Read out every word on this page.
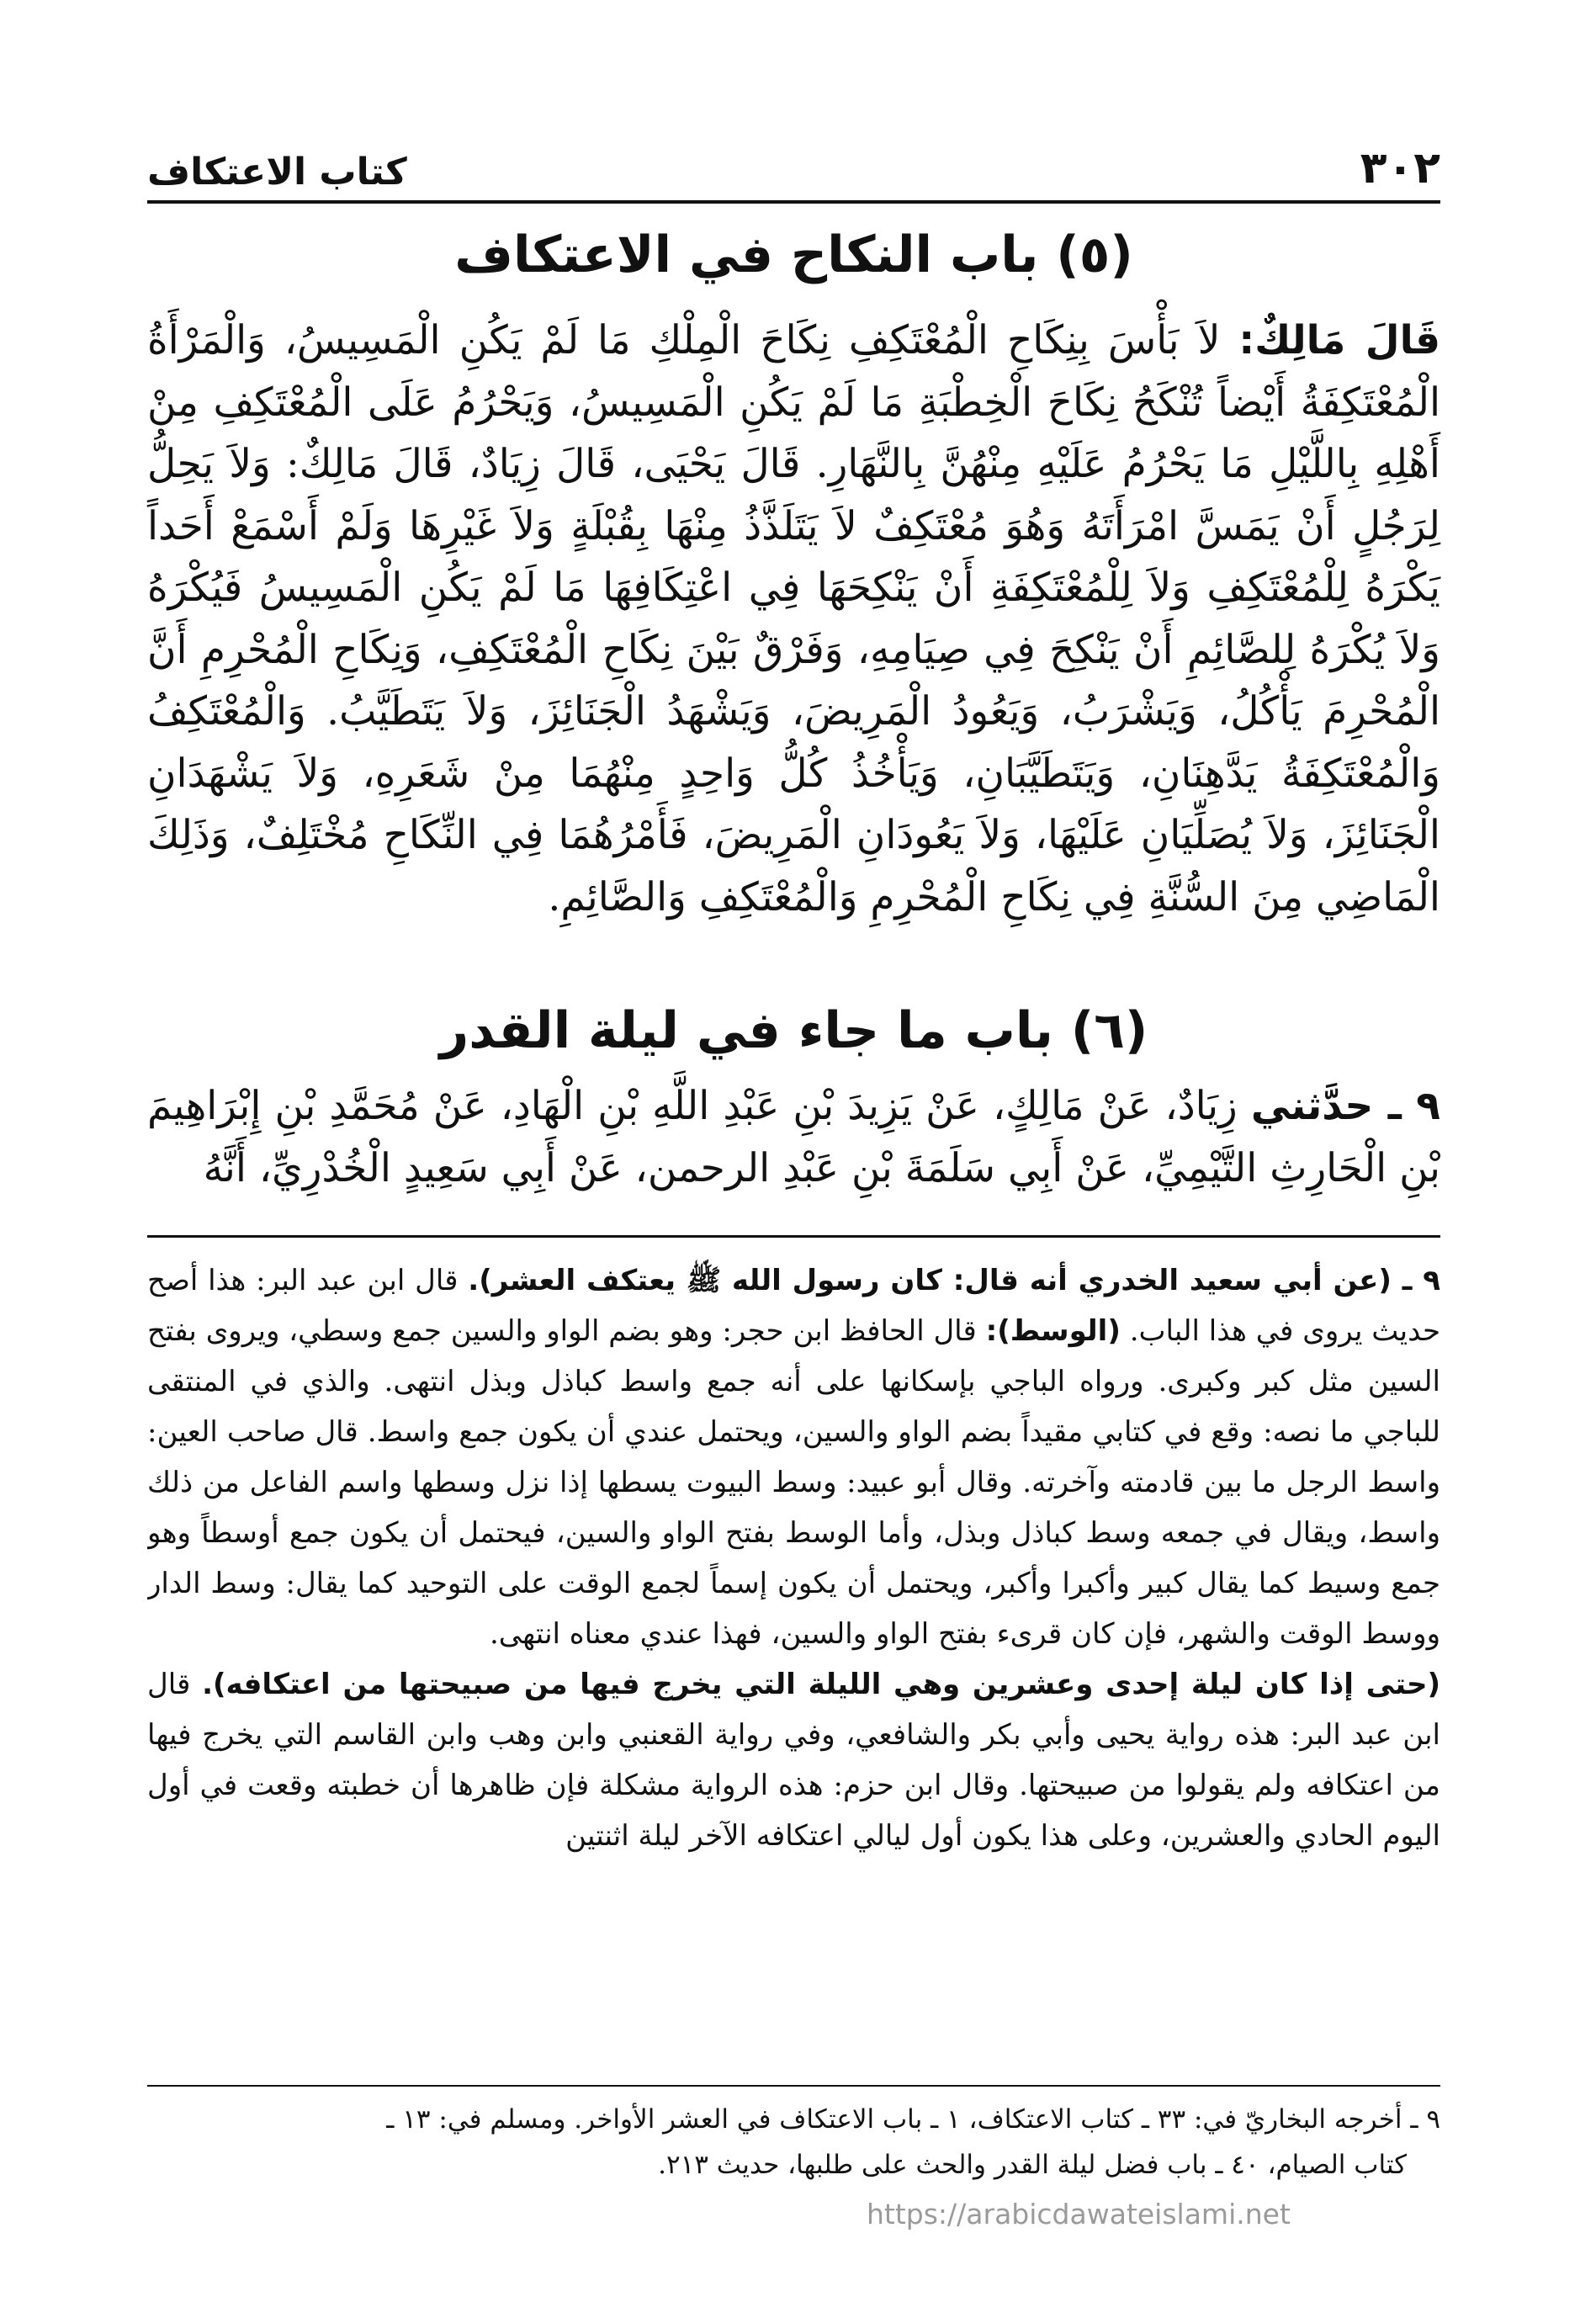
٣٠٢
كتاب الاعتكاف
(٥) باب النكاح في الاعتكاف
قَالَ مَالِكٌ: لاَ بَأْسَ بِنِكَاحِ الْمُعْتَكِفِ نِكَاحَ الْمِلْكِ مَا لَمْ يَكُنِ الْمَسِيسُ، وَالْمَرْأَةُ الْمُعْتَكِفَةُ أَيْضاً تُنْكَحُ نِكَاحَ الْخِطْبَةِ مَا لَمْ يَكُنِ الْمَسِيسُ، وَيَحْرُمُ عَلَى الْمُعْتَكِفِ مِنْ أَهْلِهِ بِاللَّيْلِ مَا يَحْرُمُ عَلَيْهِ مِنْهُنَّ بِالنَّهَارِ. قَالَ يَحْيَى، قَالَ زِيَادٌ، قَالَ مَالِكٌ: وَلاَ يَحِلُّ لِرَجُلٍ أَنْ يَمَسَّ امْرَأَتَهُ وَهُوَ مُعْتَكِفٌ لاَ يَتَلَذَّذُ مِنْهَا بِقُبْلَةٍ وَلاَ غَيْرِهَا وَلَمْ أَسْمَعْ أَحَداً يَكْرَهُ لِلْمُعْتَكِفِ وَلاَ لِلْمُعْتَكِفَةِ أَنْ يَنْكِحَهَا فِي اعْتِكَافِهَا مَا لَمْ يَكُنِ الْمَسِيسُ فَيُكْرَهُ وَلاَ يُكْرَهُ لِلصَّائِمِ أَنْ يَنْكِحَ فِي صِيَامِهِ، وَفَرْقٌ بَيْنَ نِكَاحِ الْمُعْتَكِفِ، وَنِكَاحِ الْمُحْرِمِ أَنَّ الْمُحْرِمَ يَأْكُلُ، وَيَشْرَبُ، وَيَعُودُ الْمَرِيضَ، وَيَشْهَدُ الْجَنَائِزَ، وَلاَ يَتَطَيَّبُ. وَالْمُعْتَكِفُ وَالْمُعْتَكِفَةُ يَدَّهِنَانِ، وَيَتَطَيَّبَانِ، وَيَأْخُذُ كُلُّ وَاحِدٍ مِنْهُمَا مِنْ شَعَرِهِ، وَلاَ يَشْهَدَانِ الْجَنَائِزَ، وَلاَ يُصَلِّيَانِ عَلَيْهَا، وَلاَ يَعُودَانِ الْمَرِيضَ، فَأَمْرُهُمَا فِي النِّكَاحِ مُخْتَلِفٌ، وَذَلِكَ الْمَاضِي مِنَ السُّنَّةِ فِي نِكَاحِ الْمُحْرِمِ وَالْمُعْتَكِفِ وَالصَّائِمِ.
(٦) باب ما جاء في ليلة القدر
٩ ـ حدَّثني زِيَادٌ، عَنْ مَالِكٍ، عَنْ يَزِيدَ بْنِ عَبْدِ اللَّهِ بْنِ الْهَادِ، عَنْ مُحَمَّدِ بْنِ إِبْرَاهِيمَ بْنِ الْحَارِثِ التَّيْمِيِّ، عَنْ أَبِي سَلَمَةَ بْنِ عَبْدِ الرحمن، عَنْ أَبِي سَعِيدٍ الْخُدْرِيِّ، أَنَّهُ

٩ ـ (عن أبي سعيد الخدري أنه قال: كان رسول الله ﷺ يعتكف العشر). قال ابن عبد البر: هذا أصح حديث يروى في هذا الباب. (الوسط): قال الحافظ ابن حجر: وهو بضم الواو والسين جمع وسطي، ويروى بفتح السين مثل كبر وكبرى. ورواه الباجي بإسكانها على أنه جمع واسط كباذل وبذل انتهى. والذي في المنتقى للباجي ما نصه: وقع في كتابي مقيداً بضم الواو والسين، ويحتمل عندي أن يكون جمع واسط. قال صاحب العين: واسط الرجل ما بين قادمته وآخرته. وقال أبو عبيد: وسط البيوت يسطها إذا نزل وسطها واسم الفاعل من ذلك واسط، ويقال في جمعه وسط كباذل وبذل، وأما الوسط بفتح الواو والسين، فيحتمل أن يكون جمع أوسطاً وهو جمع وسيط كما يقال كبير وأكبرا وأكبر، ويحتمل أن يكون إسماً لجمع الوقت على التوحيد كما يقال: وسط الدار ووسط الوقت والشهر، فإن كان قرىء بفتح الواو والسين، فهذا عندي معناه انتهى.

(حتى إذا كان ليلة إحدى وعشرين وهي الليلة التي يخرج فيها من صبيحتها من اعتكافه). قال ابن عبد البر: هذه رواية يحيى وأبي بكر والشافعي، وفي رواية القعنبي وابن وهب وابن القاسم التي يخرج فيها من اعتكافه ولم يقولوا من صبيحتها. وقال ابن حزم: هذه الرواية مشكلة فإن ظاهرها أن خطبته وقعت في أول اليوم الحادي والعشرين، وعلى هذا يكون أول ليالي اعتكافه الآخر ليلة اثنتين

٩ ـ أخرجه البخاريّ في: ٣٣ ـ كتاب الاعتكاف، ١ ـ باب الاعتكاف في العشر الأواخر. ومسلم في: ١٣ ـ

كتاب الصيام، ٤٠ ـ باب فضل ليلة القدر والحث على طلبها، حديث ٢١٣.

https://arabicdawateislami.net
